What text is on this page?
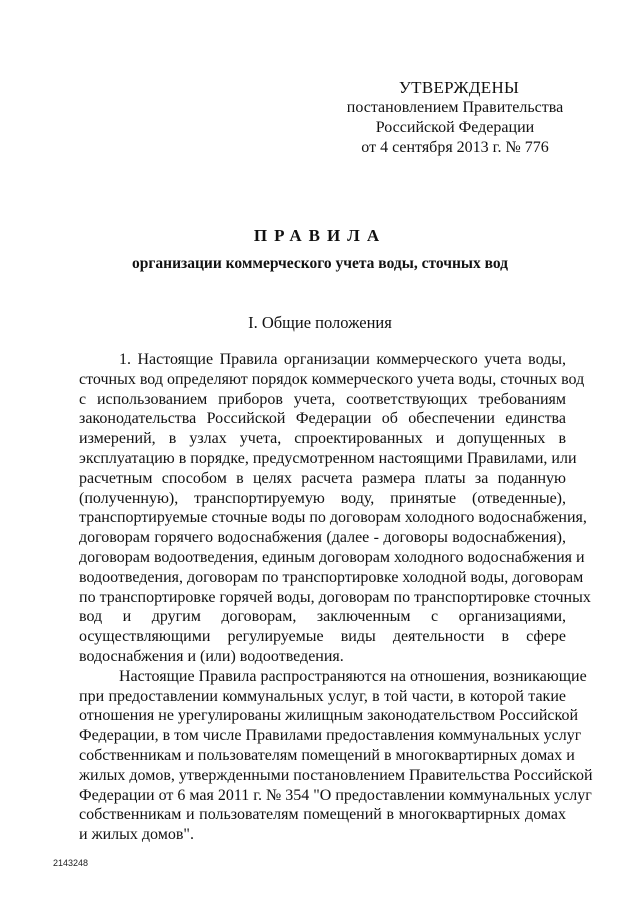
УТВЕРЖДЕНЫ
постановлением Правительства
Российской Федерации
от 4 сентября 2013 г. № 776
ПРАВИЛА
организации коммерческого учета воды, сточных вод
I. Общие положения
1. Настоящие Правила организации коммерческого учета воды,
сточных вод определяют порядок коммерческого учета воды, сточных вод
с использованием приборов учета, соответствующих требованиям
законодательства Российской Федерации об обеспечении единства
измерений, в узлах учета, спроектированных и допущенных в
эксплуатацию в порядке, предусмотренном настоящими Правилами, или
расчетным способом в целях расчета размера платы за поданную
(полученную), транспортируемую воду, принятые (отведенные),
транспортируемые сточные воды по договорам холодного водоснабжения,
договорам горячего водоснабжения (далее - договоры водоснабжения),
договорам водоотведения, единым договорам холодного водоснабжения и
водоотведения, договорам по транспортировке холодной воды, договорам
по транспортировке горячей воды, договорам по транспортировке сточных
вод и другим договорам, заключенным с организациями,
осуществляющими регулируемые виды деятельности в сфере
водоснабжения и (или) водоотведения.
Настоящие Правила распространяются на отношения, возникающие
при предоставлении коммунальных услуг, в той части, в которой такие
отношения не урегулированы жилищным законодательством Российской
Федерации, в том числе Правилами предоставления коммунальных услуг
собственникам и пользователям помещений в многоквартирных домах и
жилых домов, утвержденными постановлением Правительства Российской
Федерации от 6 мая 2011 г. № 354 "О предоставлении коммунальных услуг
собственникам и пользователям помещений в многоквартирных домах
и жилых домов".
2143248
